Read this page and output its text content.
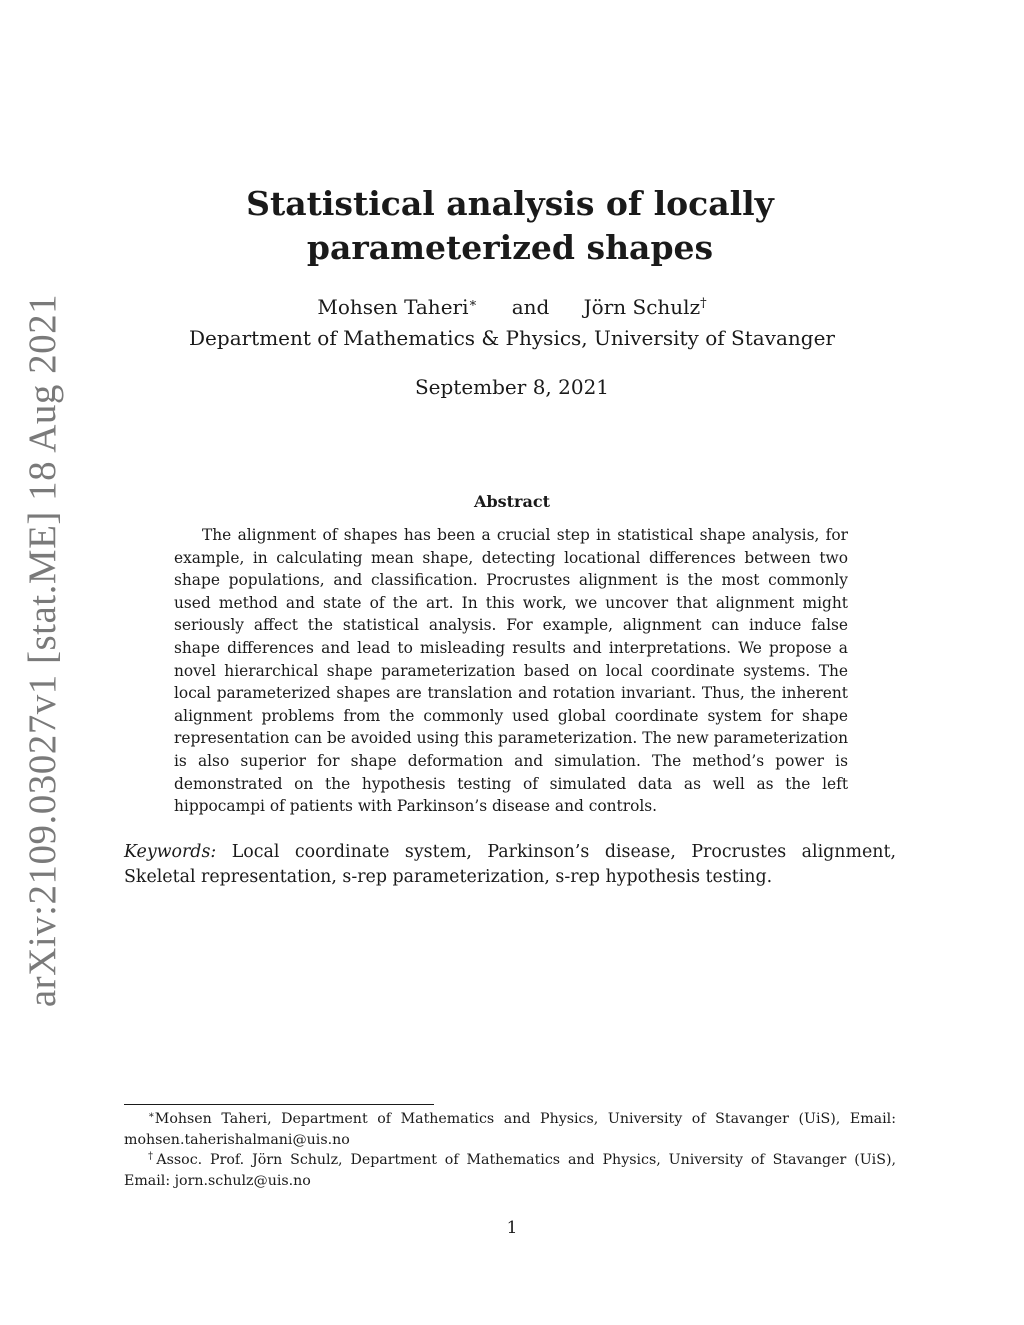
arXiv:2109.03027v1 [stat.ME] 18 Aug 2021
Statistical analysis of locally parameterized shapes
Mohsen Taheri∗ and Jörn Schulz†
Department of Mathematics & Physics, University of Stavanger
September 8, 2021
Abstract

The alignment of shapes has been a crucial step in statistical shape analysis, for example, in calculating mean shape, detecting locational differences between two shape populations, and classification. Procrustes alignment is the most commonly used method and state of the art. In this work, we uncover that alignment might seriously affect the statistical analysis. For example, alignment can induce false shape differences and lead to misleading results and interpretations. We propose a novel hierarchical shape parameterization based on local coordinate systems. The local parameterized shapes are translation and rotation invariant. Thus, the inherent alignment problems from the commonly used global coordinate system for shape representation can be avoided using this parameterization. The new parameterization is also superior for shape deformation and simulation. The method’s power is demonstrated on the hypothesis testing of simulated data as well as the left hippocampi of patients with Parkinson’s disease and controls.

Keywords: Local coordinate system, Parkinson’s disease, Procrustes alignment, Skeletal representation, s-rep parameterization, s-rep hypothesis testing.

∗Mohsen Taheri, Department of Mathematics and Physics, University of Stavanger (UiS), Email: mohsen.taherishalmani@uis.no

†Assoc. Prof. Jörn Schulz, Department of Mathematics and Physics, University of Stavanger (UiS), Email: jorn.schulz@uis.no

1
